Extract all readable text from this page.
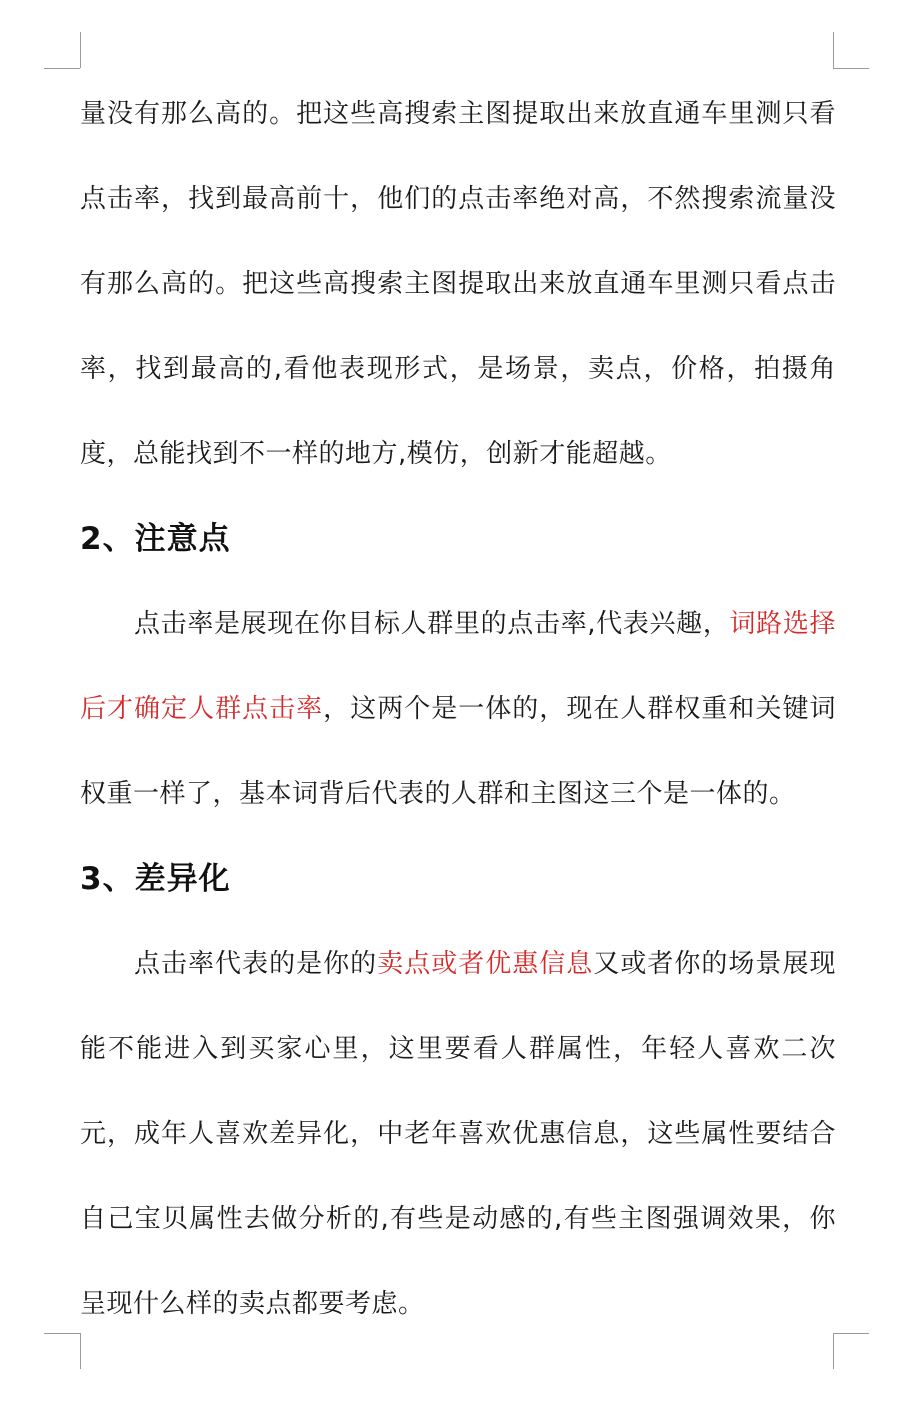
量没有那么高的。把这些高搜索主图提取出来放直通车里测只看点击率，找到最高前十，他们的点击率绝对高，不然搜索流量没有那么高的。把这些高搜索主图提取出来放直通车里测只看点击率，找到最高的,看他表现形式，是场景，卖点，价格，拍摄角度，总能找到不一样的地方,模仿，创新才能超越。

2、注意点

点击率是展现在你目标人群里的点击率,代表兴趣，词路选择后才确定人群点击率，这两个是一体的，现在人群权重和关键词权重一样了，基本词背后代表的人群和主图这三个是一体的。

3、差异化

点击率代表的是你的卖点或者优惠信息又或者你的场景展现能不能进入到买家心里，这里要看人群属性，年轻人喜欢二次元，成年人喜欢差异化，中老年喜欢优惠信息，这些属性要结合自己宝贝属性去做分析的,有些是动感的,有些主图强调效果，你呈现什么样的卖点都要考虑。
